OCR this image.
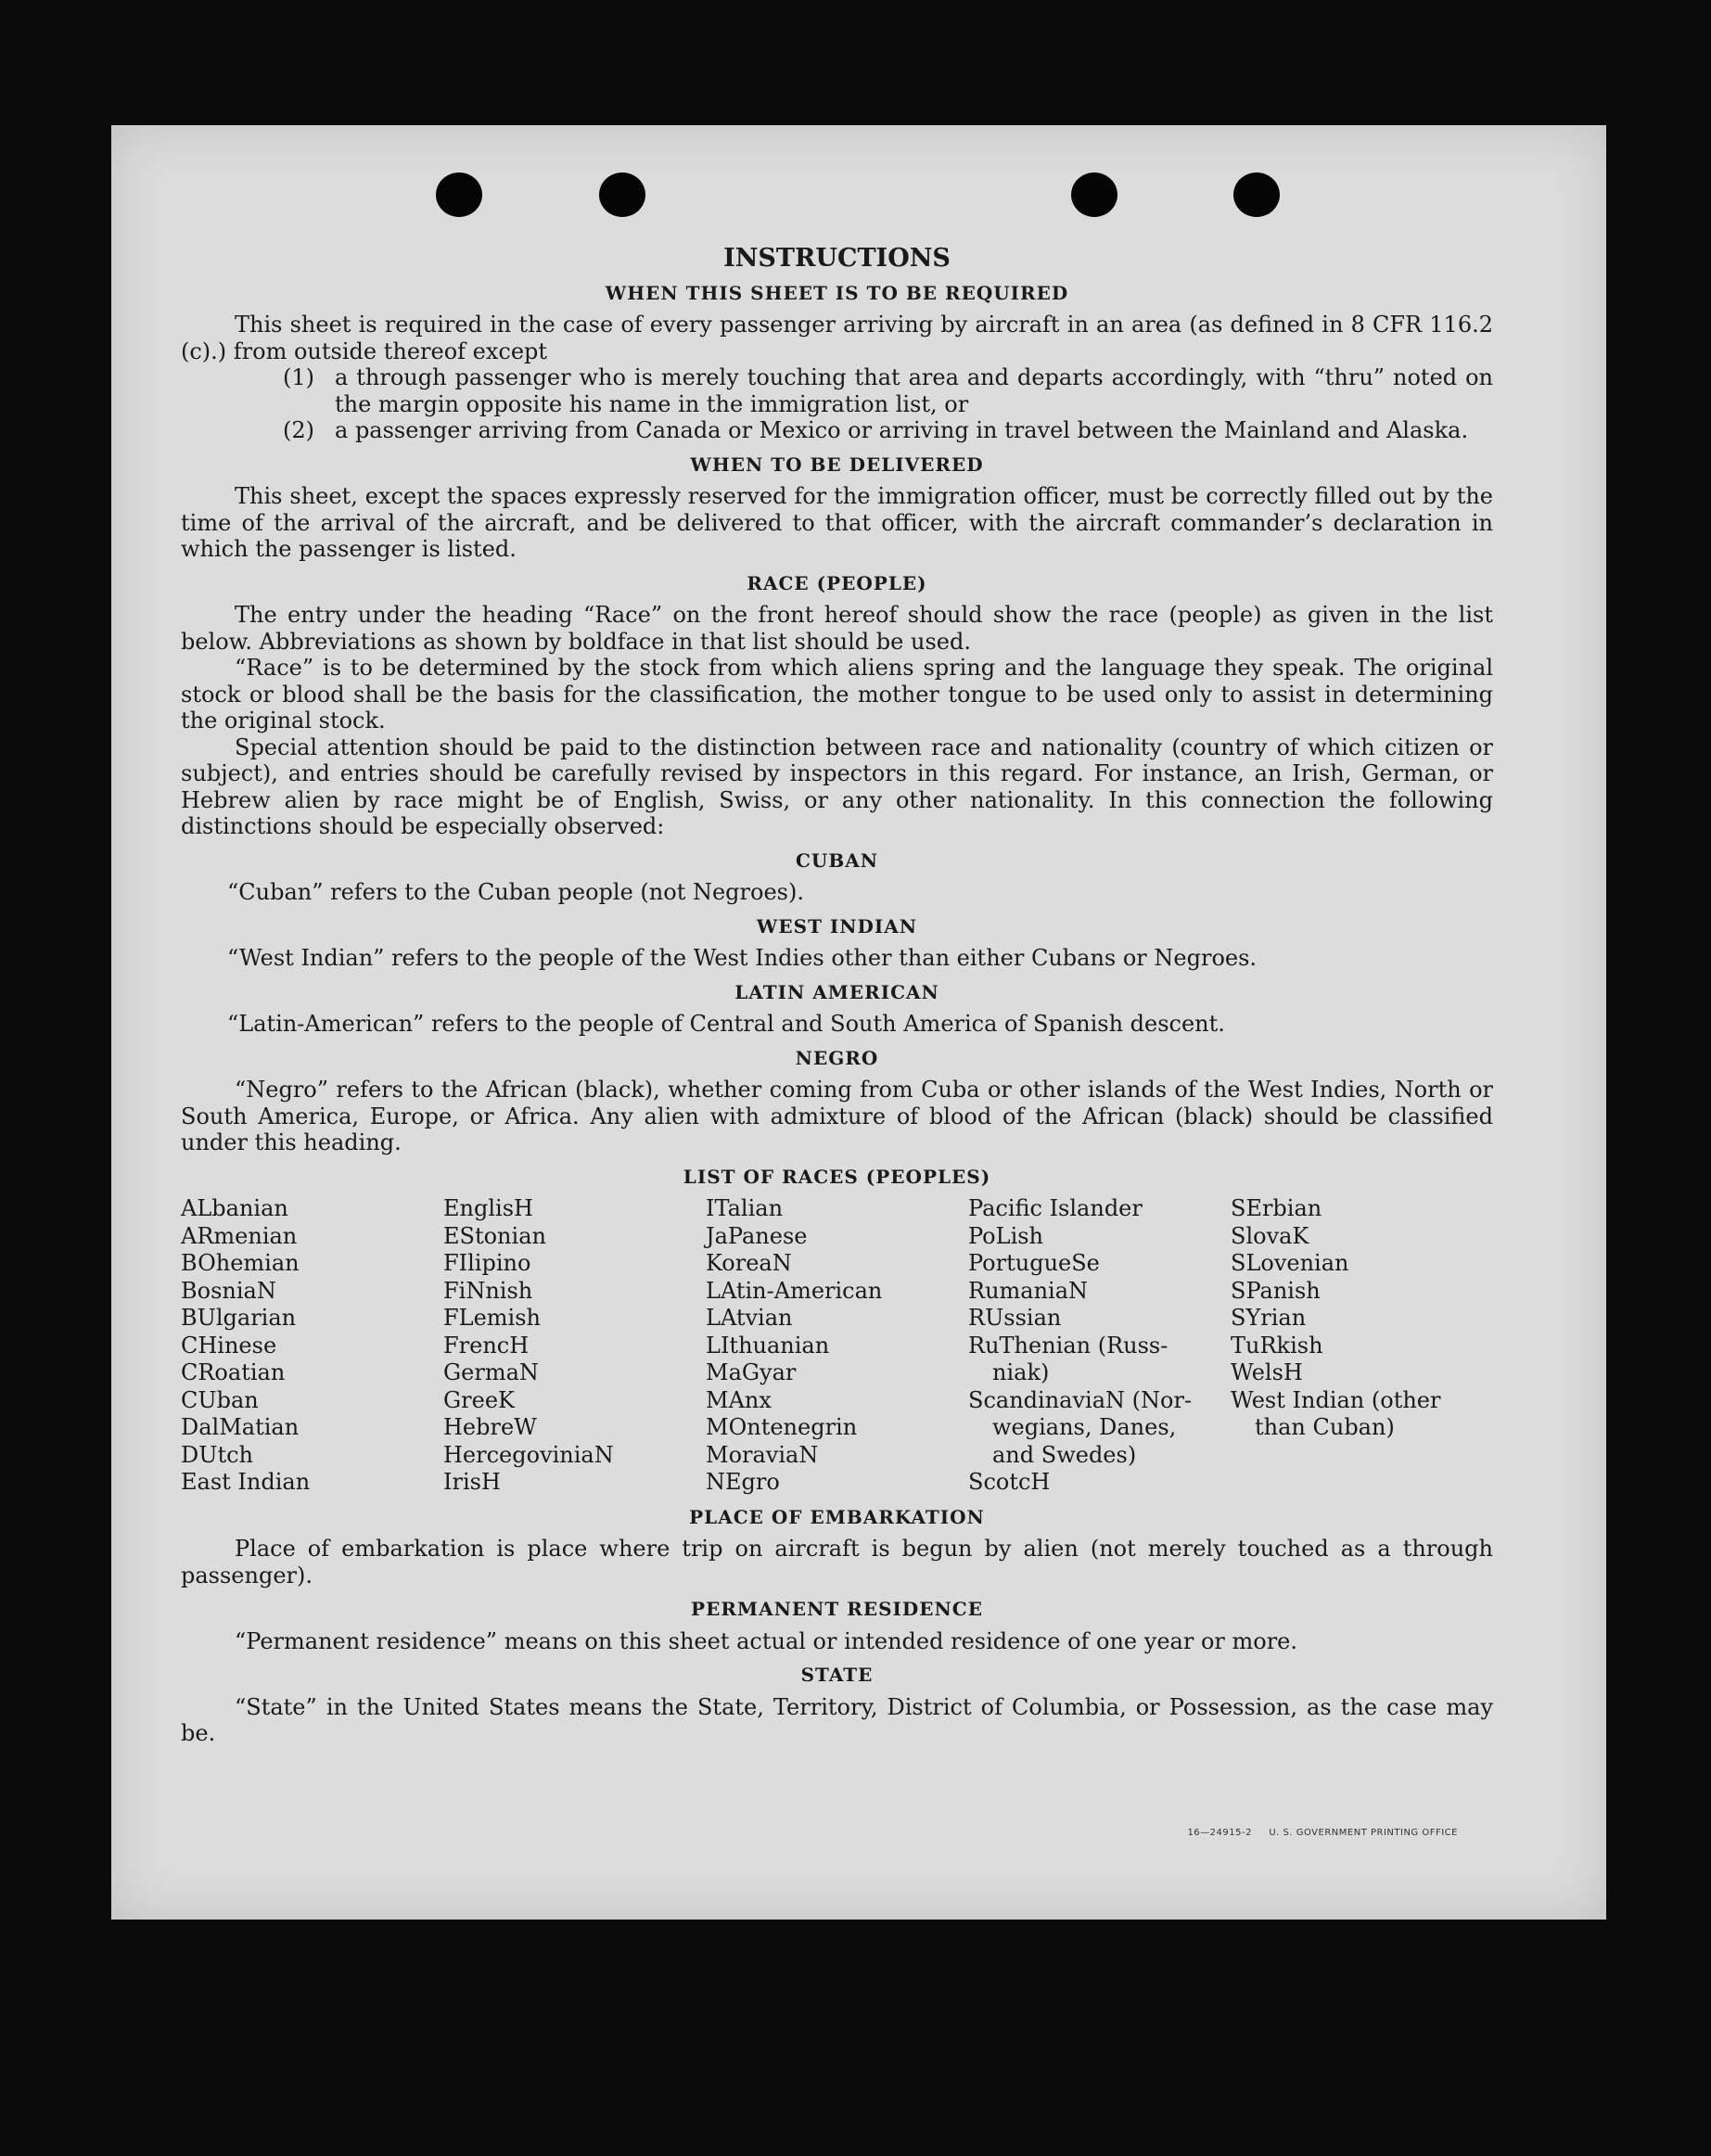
INSTRUCTIONS
WHEN THIS SHEET IS TO BE REQUIRED

This sheet is required in the case of every passenger arriving by aircraft in an area (as defined in 8 CFR 116.2 (c).) from outside thereof except

(1) a through passenger who is merely touching that area and departs accordingly, with “thru” noted on the margin opposite his name in the immigration list, or
(2) a passenger arriving from Canada or Mexico or arriving in travel between the Mainland and Alaska.
WHEN TO BE DELIVERED

This sheet, except the spaces expressly reserved for the immigration officer, must be correctly filled out by the time of the arrival of the aircraft, and be delivered to that officer, with the aircraft commander’s declaration in which the passenger is listed.

RACE (PEOPLE)

The entry under the heading “Race” on the front hereof should show the race (people) as given in the list below. Abbreviations as shown by boldface in that list should be used.

“Race” is to be determined by the stock from which aliens spring and the language they speak. The original stock or blood shall be the basis for the classification, the mother tongue to be used only to assist in determining the original stock.

Special attention should be paid to the distinction between race and nationality (country of which citizen or subject), and entries should be carefully revised by inspectors in this regard. For instance, an Irish, German, or Hebrew alien by race might be of English, Swiss, or any other nationality. In this connection the following distinctions should be especially observed:

CUBAN

“Cuban” refers to the Cuban people (not Negroes).

WEST INDIAN

“West Indian” refers to the people of the West Indies other than either Cubans or Negroes.

LATIN AMERICAN

“Latin-American” refers to the people of Central and South America of Spanish descent.

NEGRO

“Negro” refers to the African (black), whether coming from Cuba or other islands of the West Indies, North or South America, Europe, or Africa. Any alien with admixture of blood of the African (black) should be classified under this heading.

LIST OF RACES (PEOPLES)
ALbanian
ARmenian
BOhemian
BosniaN
BUlgarian
CHinese
CRoatian
CUban
DalMatian
DUtch
East Indian
EnglisH
EStonian
FIlipino
FiNnish
FLemish
FrencH
GermaN
GreeK
HebreW
HercegoviniaN
IrisH
ITalian
JaPanese
KoreaN
LAtin-American
LAtvian
LIthuanian
MaGyar
MAnx
MOntenegrin
MoraviaN
NEgro
Pacific Islander
PoLish
PortugueSe
RumaniaN
RUssian
RuThenian (Russ-
niak)
ScandinaviaN (Nor-
wegians, Danes,
and Swedes)
ScotcH
SErbian
SlovaK
SLovenian
SPanish
SYrian
TuRkish
WelsH
West Indian (other
than Cuban)
PLACE OF EMBARKATION

Place of embarkation is place where trip on aircraft is begun by alien (not merely touched as a through passenger).

PERMANENT RESIDENCE

“Permanent residence” means on this sheet actual or intended residence of one year or more.

STATE

“State” in the United States means the State, Territory, District of Columbia, or Possession, as the case may be.

16—24915-2 U. S. GOVERNMENT PRINTING OFFICE
